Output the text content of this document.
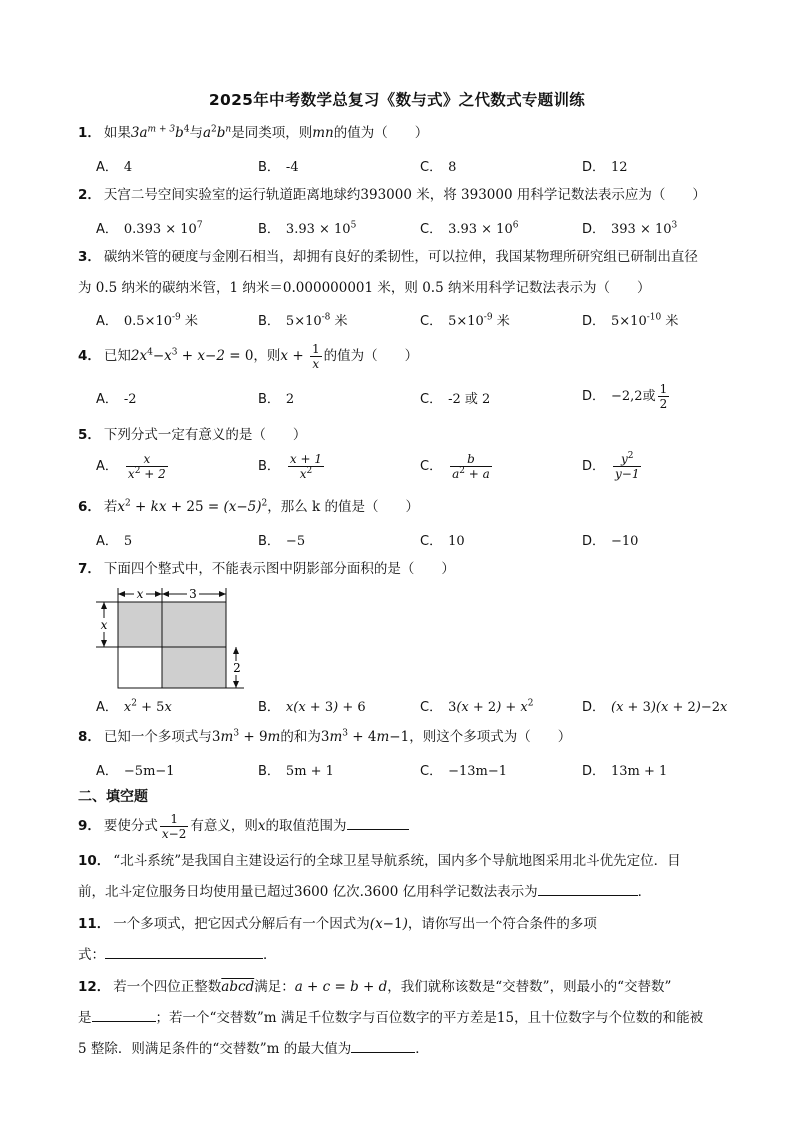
2025年中考数学总复习《数与式》之代数式专题训练
1． 如果$3a^{m + 3}b^4$与$a^2b^n$是同类项，则mn的值为（　　）
A． 4	B． -4	C． 8	D． 12
2． 天宫二号空间实验室的运行轨道距离地球约393000 米，将 393000 用科学记数法表示应为（　　）
A． $0.393 \times 10^7$	B． $3.93 \times 10^5$	C． $3.93 \times 10^6$	D． $393 \times 10^3$
3． 碳纳米管的硬度与金刚石相当，却拥有良好的柔韧性，可以拉伸，我国某物理所研究组已研制出直径
为 0.5 纳米的碳纳米管，1 纳米＝0.000000001 米，则 0.5 纳米用科学记数法表示为（　　）
A． $0.5\times 10^{-9}$ 米	B． $5\times 10^{-8}$ 米	C． $5\times 10^{-9}$ 米	D． $5\times 10^{-10}$ 米
4． 已知$2x^4-x^3 + x-2 = 0$，则$x + \frac{1}{x}$ 的值为（　　）
A． -2	B． 2	C． -2 或 2	D． −2,2或 $\frac{1}{2}$
5． 下列分式一定有意义的是（　　）
A． $\frac{x}{x^2 + 2}$	B． $\frac{x + 1}{x^2}$	C． $\frac{b}{a^2 + a}$	D． $\frac{y^2}{y-1}$
6． 若$x^2$ + kx + $25 = (x-5)^2$，那么 k 的值是（　　）
A． 5	B． −5	C． 10	D． −10
7． 下面四个整式中，不能表示图中阴影部分面积的是（　　）
x	3
x
2
A． $x^2 + 5x$	B． x(x + 3) + 6	C． $3(x + 2) + x^2$	D． (x + 3)(x + 2)−2x
8． 已知一个多项式与$3m^3 + 9m$的和为$3m^3 + 4m-1$，则这个多项式为（　　）
A． −5m−1	B． 5m + 1	C． −13m−1	D． 13m + 1
二、填空题
9． 要使分式 $\frac{1}{x-2}$ 有意义，则x的取值范围为
10． “北斗系统”是我国自主建设运行的全球卫星导航系统，国内多个导航地图采用北斗优先定位．目
前，北斗定位服务日均使用量已超过3600 亿次.3600 亿用科学记数法表示为	．
11． 一个多项式，把它因式分解后有一个因式为(x−1)，请你写出一个符合条件的多项
式：	．
12． 若一个四位正整数abcd满足：a + c = b + d，我们就称该数是“交替数”，则最小的“交替数”
是	；若一个“交替数”m 满足千位数字与百位数字的平方差是15，且十位数字与个位数的和能被
5 整除．则满足条件的“交替数”m 的最大值为	．
